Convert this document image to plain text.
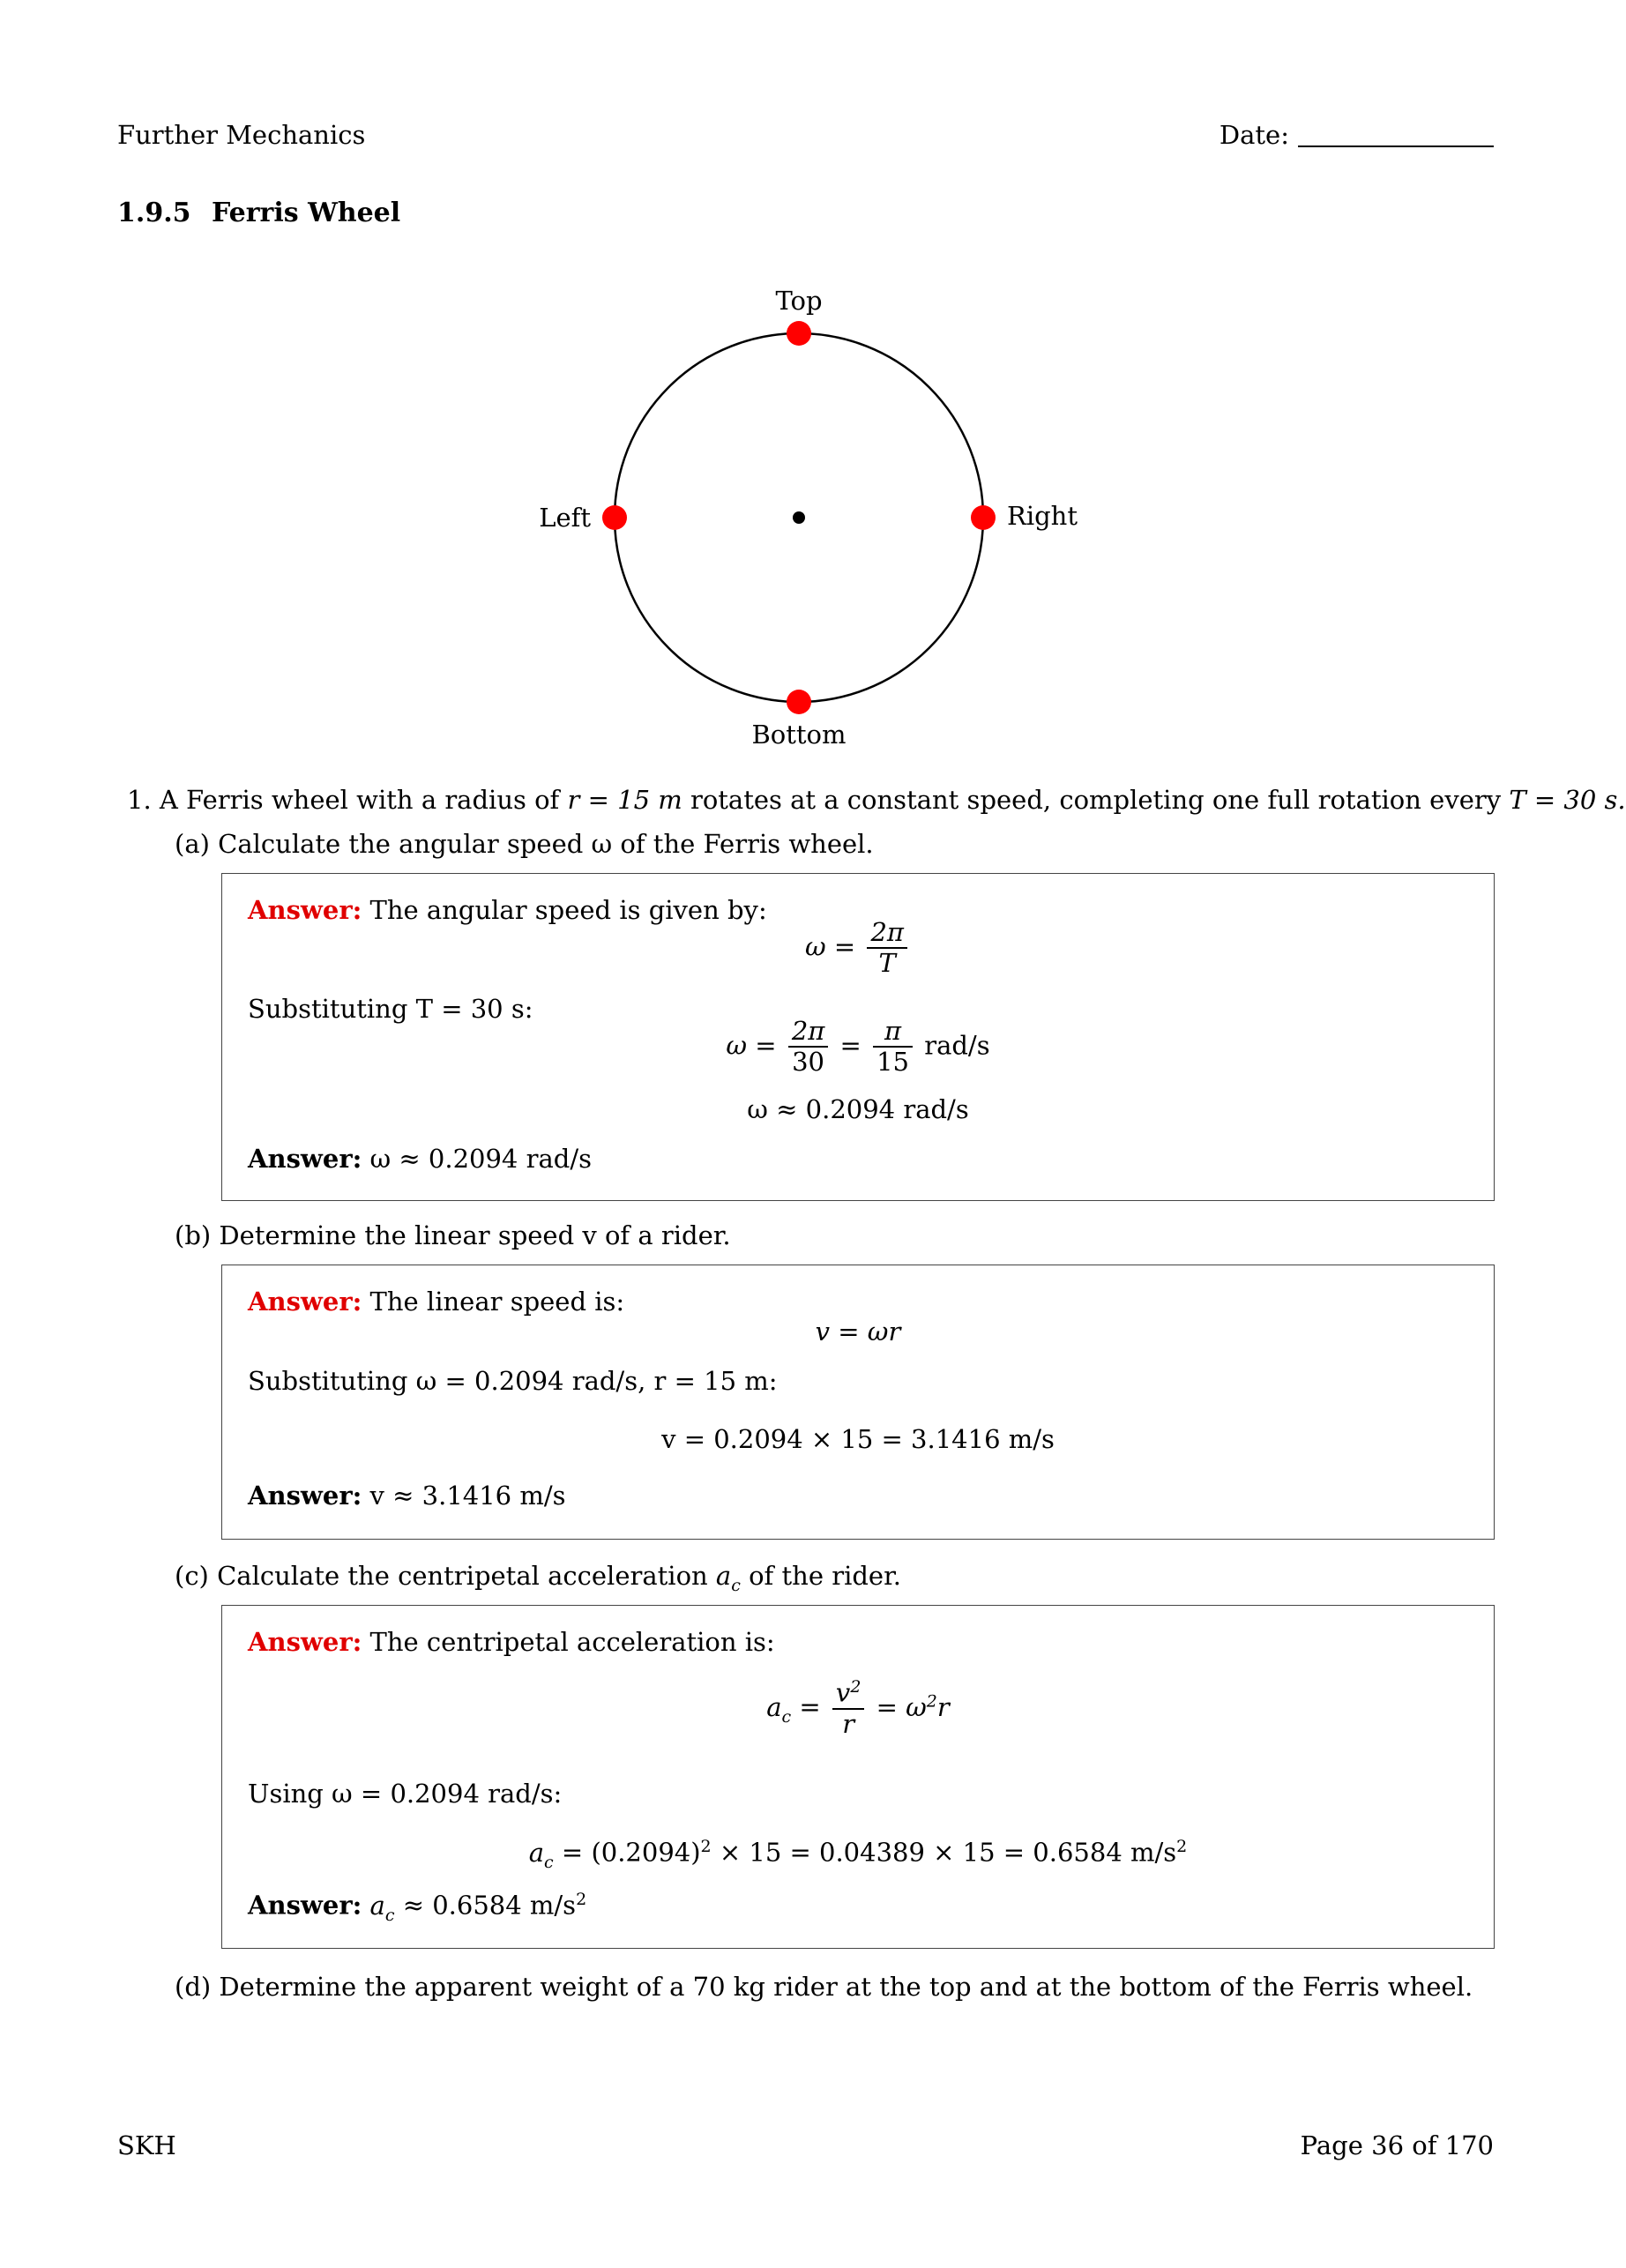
Further Mechanics	Date:
1.9.5 Ferris Wheel
Top
Bottom
Left	Right
1. A Ferris wheel with a radius of r = 15 m rotates at a constant speed, completing one full rotation every T = 30 s.
(a) Calculate the angular speed ω of the Ferris wheel.
Answer: The angular speed is given by:
$\omega = \frac{2\pi}{T}$
Substituting T = 30 s:
$\omega = \frac{2\pi}{30} = \frac{\pi}{15} rad/s$
ω ≈ 0.2094 rad/s
Answer: ω ≈ 0.2094 rad/s
(b) Determine the linear speed v of a rider.
Answer: The linear speed is:
v = ωr
Substituting ω = 0.2094 rad/s, r = 15 m:
v = 0.2094 × 15 = 3.1416 m/s
Answer: v ≈ 3.1416 m/s
(c) Calculate the centripetal acceleration $a_c$ of the rider.
Answer: The centripetal acceleration is:
$a_c = \frac{v^2}{r} = \omega^2r$
Using ω = 0.2094 rad/s:
$a_c = (0.2094)^2 \times 15 = 0.04389 \times 15 = 0.6584$ $m/s^2$
Answer: $a_c \approx 0.6584$ $m/s^2$
(d) Determine the apparent weight of a 70 kg rider at the top and at the bottom of the Ferris wheel.
SKH	Page 36 of 170
